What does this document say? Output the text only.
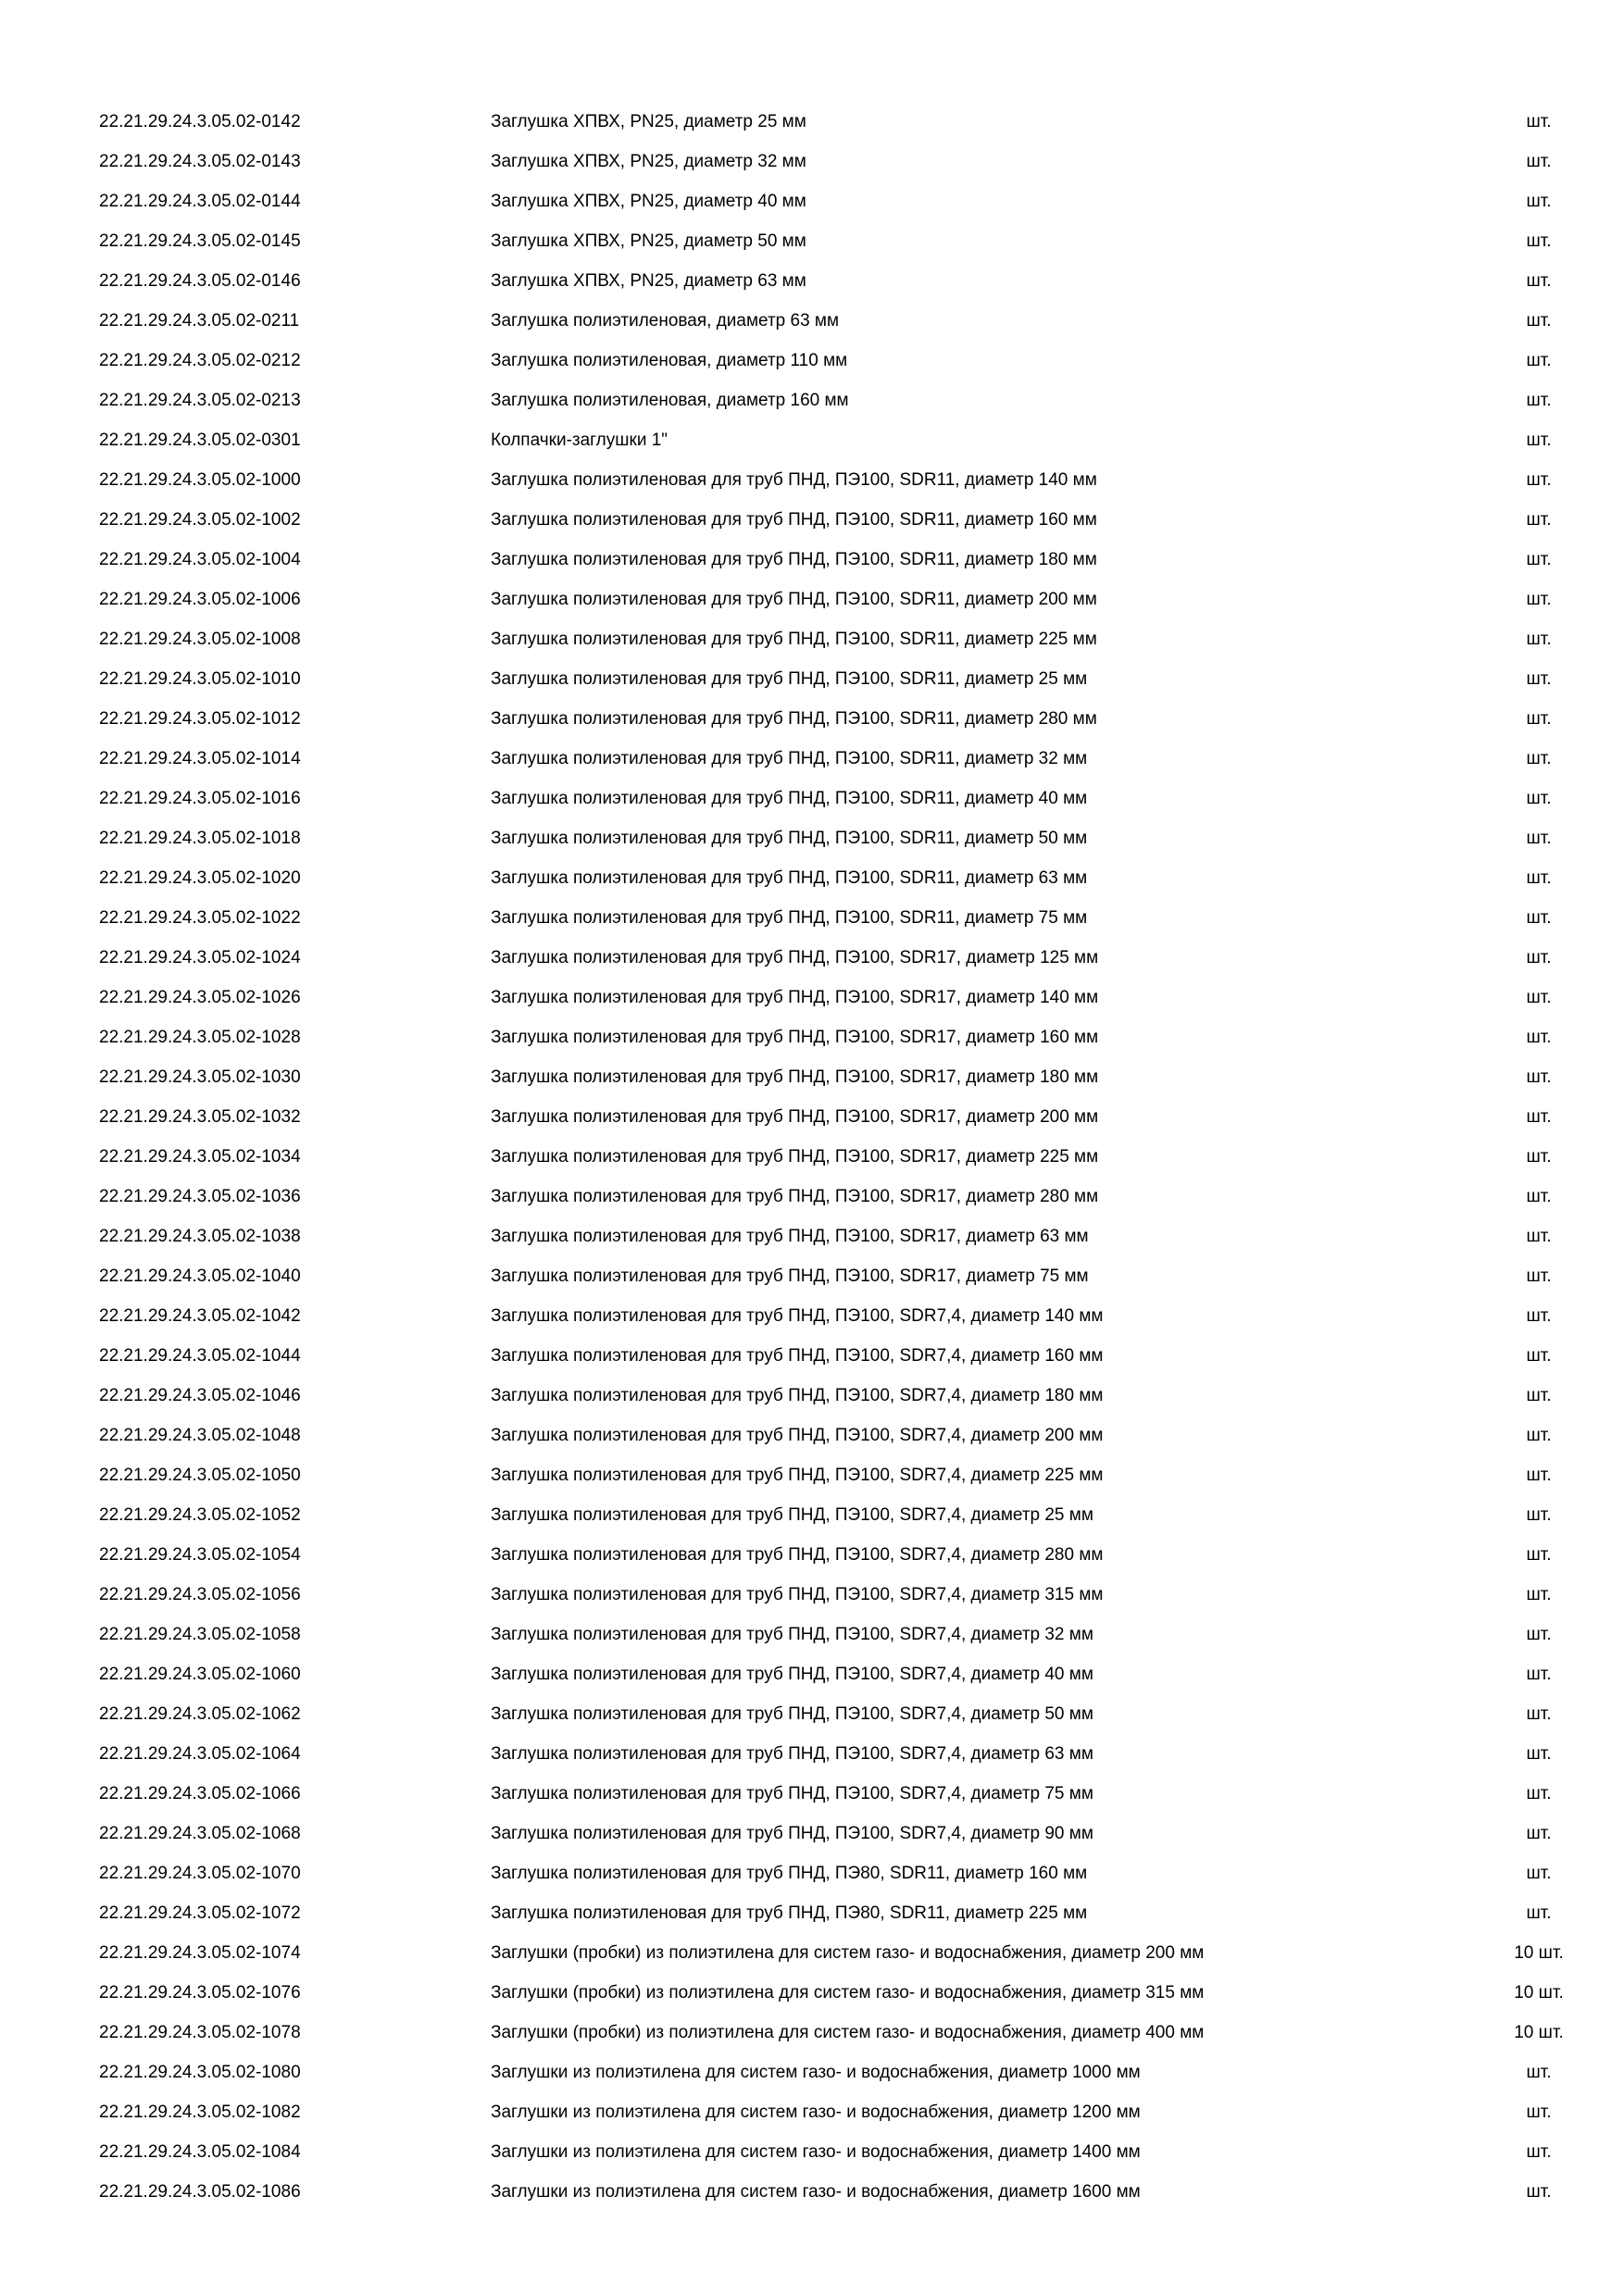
22.21.29.24.3.05.02-0142	Заглушка ХПВХ, PN25, диаметр 25 мм	шт.
22.21.29.24.3.05.02-0143	Заглушка ХПВХ, PN25, диаметр 32 мм	шт.
22.21.29.24.3.05.02-0144	Заглушка ХПВХ, PN25, диаметр 40 мм	шт.
22.21.29.24.3.05.02-0145	Заглушка ХПВХ, PN25, диаметр 50 мм	шт.
22.21.29.24.3.05.02-0146	Заглушка ХПВХ, PN25, диаметр 63 мм	шт.
22.21.29.24.3.05.02-0211	Заглушка полиэтиленовая, диаметр 63 мм	шт.
22.21.29.24.3.05.02-0212	Заглушка полиэтиленовая, диаметр 110 мм	шт.
22.21.29.24.3.05.02-0213	Заглушка полиэтиленовая, диаметр 160 мм	шт.
22.21.29.24.3.05.02-0301	Колпачки-заглушки 1"	шт.
22.21.29.24.3.05.02-1000	Заглушка полиэтиленовая для труб ПНД, ПЭ100, SDR11, диаметр 140 мм	шт.
22.21.29.24.3.05.02-1002	Заглушка полиэтиленовая для труб ПНД, ПЭ100, SDR11, диаметр 160 мм	шт.
22.21.29.24.3.05.02-1004	Заглушка полиэтиленовая для труб ПНД, ПЭ100, SDR11, диаметр 180 мм	шт.
22.21.29.24.3.05.02-1006	Заглушка полиэтиленовая для труб ПНД, ПЭ100, SDR11, диаметр 200 мм	шт.
22.21.29.24.3.05.02-1008	Заглушка полиэтиленовая для труб ПНД, ПЭ100, SDR11, диаметр 225 мм	шт.
22.21.29.24.3.05.02-1010	Заглушка полиэтиленовая для труб ПНД, ПЭ100, SDR11, диаметр 25 мм	шт.
22.21.29.24.3.05.02-1012	Заглушка полиэтиленовая для труб ПНД, ПЭ100, SDR11, диаметр 280 мм	шт.
22.21.29.24.3.05.02-1014	Заглушка полиэтиленовая для труб ПНД, ПЭ100, SDR11, диаметр 32 мм	шт.
22.21.29.24.3.05.02-1016	Заглушка полиэтиленовая для труб ПНД, ПЭ100, SDR11, диаметр 40 мм	шт.
22.21.29.24.3.05.02-1018	Заглушка полиэтиленовая для труб ПНД, ПЭ100, SDR11, диаметр 50 мм	шт.
22.21.29.24.3.05.02-1020	Заглушка полиэтиленовая для труб ПНД, ПЭ100, SDR11, диаметр 63 мм	шт.
22.21.29.24.3.05.02-1022	Заглушка полиэтиленовая для труб ПНД, ПЭ100, SDR11, диаметр 75 мм	шт.
22.21.29.24.3.05.02-1024	Заглушка полиэтиленовая для труб ПНД, ПЭ100, SDR17, диаметр 125 мм	шт.
22.21.29.24.3.05.02-1026	Заглушка полиэтиленовая для труб ПНД, ПЭ100, SDR17, диаметр 140 мм	шт.
22.21.29.24.3.05.02-1028	Заглушка полиэтиленовая для труб ПНД, ПЭ100, SDR17, диаметр 160 мм	шт.
22.21.29.24.3.05.02-1030	Заглушка полиэтиленовая для труб ПНД, ПЭ100, SDR17, диаметр 180 мм	шт.
22.21.29.24.3.05.02-1032	Заглушка полиэтиленовая для труб ПНД, ПЭ100, SDR17, диаметр 200 мм	шт.
22.21.29.24.3.05.02-1034	Заглушка полиэтиленовая для труб ПНД, ПЭ100, SDR17, диаметр 225 мм	шт.
22.21.29.24.3.05.02-1036	Заглушка полиэтиленовая для труб ПНД, ПЭ100, SDR17, диаметр 280 мм	шт.
22.21.29.24.3.05.02-1038	Заглушка полиэтиленовая для труб ПНД, ПЭ100, SDR17, диаметр 63 мм	шт.
22.21.29.24.3.05.02-1040	Заглушка полиэтиленовая для труб ПНД, ПЭ100, SDR17, диаметр 75 мм	шт.
22.21.29.24.3.05.02-1042	Заглушка полиэтиленовая для труб ПНД, ПЭ100, SDR7,4, диаметр 140 мм	шт.
22.21.29.24.3.05.02-1044	Заглушка полиэтиленовая для труб ПНД, ПЭ100, SDR7,4, диаметр 160 мм	шт.
22.21.29.24.3.05.02-1046	Заглушка полиэтиленовая для труб ПНД, ПЭ100, SDR7,4, диаметр 180 мм	шт.
22.21.29.24.3.05.02-1048	Заглушка полиэтиленовая для труб ПНД, ПЭ100, SDR7,4, диаметр 200 мм	шт.
22.21.29.24.3.05.02-1050	Заглушка полиэтиленовая для труб ПНД, ПЭ100, SDR7,4, диаметр 225 мм	шт.
22.21.29.24.3.05.02-1052	Заглушка полиэтиленовая для труб ПНД, ПЭ100, SDR7,4, диаметр 25 мм	шт.
22.21.29.24.3.05.02-1054	Заглушка полиэтиленовая для труб ПНД, ПЭ100, SDR7,4, диаметр 280 мм	шт.
22.21.29.24.3.05.02-1056	Заглушка полиэтиленовая для труб ПНД, ПЭ100, SDR7,4, диаметр 315 мм	шт.
22.21.29.24.3.05.02-1058	Заглушка полиэтиленовая для труб ПНД, ПЭ100, SDR7,4, диаметр 32 мм	шт.
22.21.29.24.3.05.02-1060	Заглушка полиэтиленовая для труб ПНД, ПЭ100, SDR7,4, диаметр 40 мм	шт.
22.21.29.24.3.05.02-1062	Заглушка полиэтиленовая для труб ПНД, ПЭ100, SDR7,4, диаметр 50 мм	шт.
22.21.29.24.3.05.02-1064	Заглушка полиэтиленовая для труб ПНД, ПЭ100, SDR7,4, диаметр 63 мм	шт.
22.21.29.24.3.05.02-1066	Заглушка полиэтиленовая для труб ПНД, ПЭ100, SDR7,4, диаметр 75 мм	шт.
22.21.29.24.3.05.02-1068	Заглушка полиэтиленовая для труб ПНД, ПЭ100, SDR7,4, диаметр 90 мм	шт.
22.21.29.24.3.05.02-1070	Заглушка полиэтиленовая для труб ПНД, ПЭ80, SDR11, диаметр 160 мм	шт.
22.21.29.24.3.05.02-1072	Заглушка полиэтиленовая для труб ПНД, ПЭ80, SDR11, диаметр 225 мм	шт.
22.21.29.24.3.05.02-1074	Заглушки (пробки) из полиэтилена для систем газо- и водоснабжения, диаметр 200 мм	10 шт.
22.21.29.24.3.05.02-1076	Заглушки (пробки) из полиэтилена для систем газо- и водоснабжения, диаметр 315 мм	10 шт.
22.21.29.24.3.05.02-1078	Заглушки (пробки) из полиэтилена для систем газо- и водоснабжения, диаметр 400 мм	10 шт.
22.21.29.24.3.05.02-1080	Заглушки из полиэтилена для систем газо- и водоснабжения, диаметр 1000 мм	шт.
22.21.29.24.3.05.02-1082	Заглушки из полиэтилена для систем газо- и водоснабжения, диаметр 1200 мм	шт.
22.21.29.24.3.05.02-1084	Заглушки из полиэтилена для систем газо- и водоснабжения, диаметр 1400 мм	шт.
22.21.29.24.3.05.02-1086	Заглушки из полиэтилена для систем газо- и водоснабжения, диаметр 1600 мм	шт.
